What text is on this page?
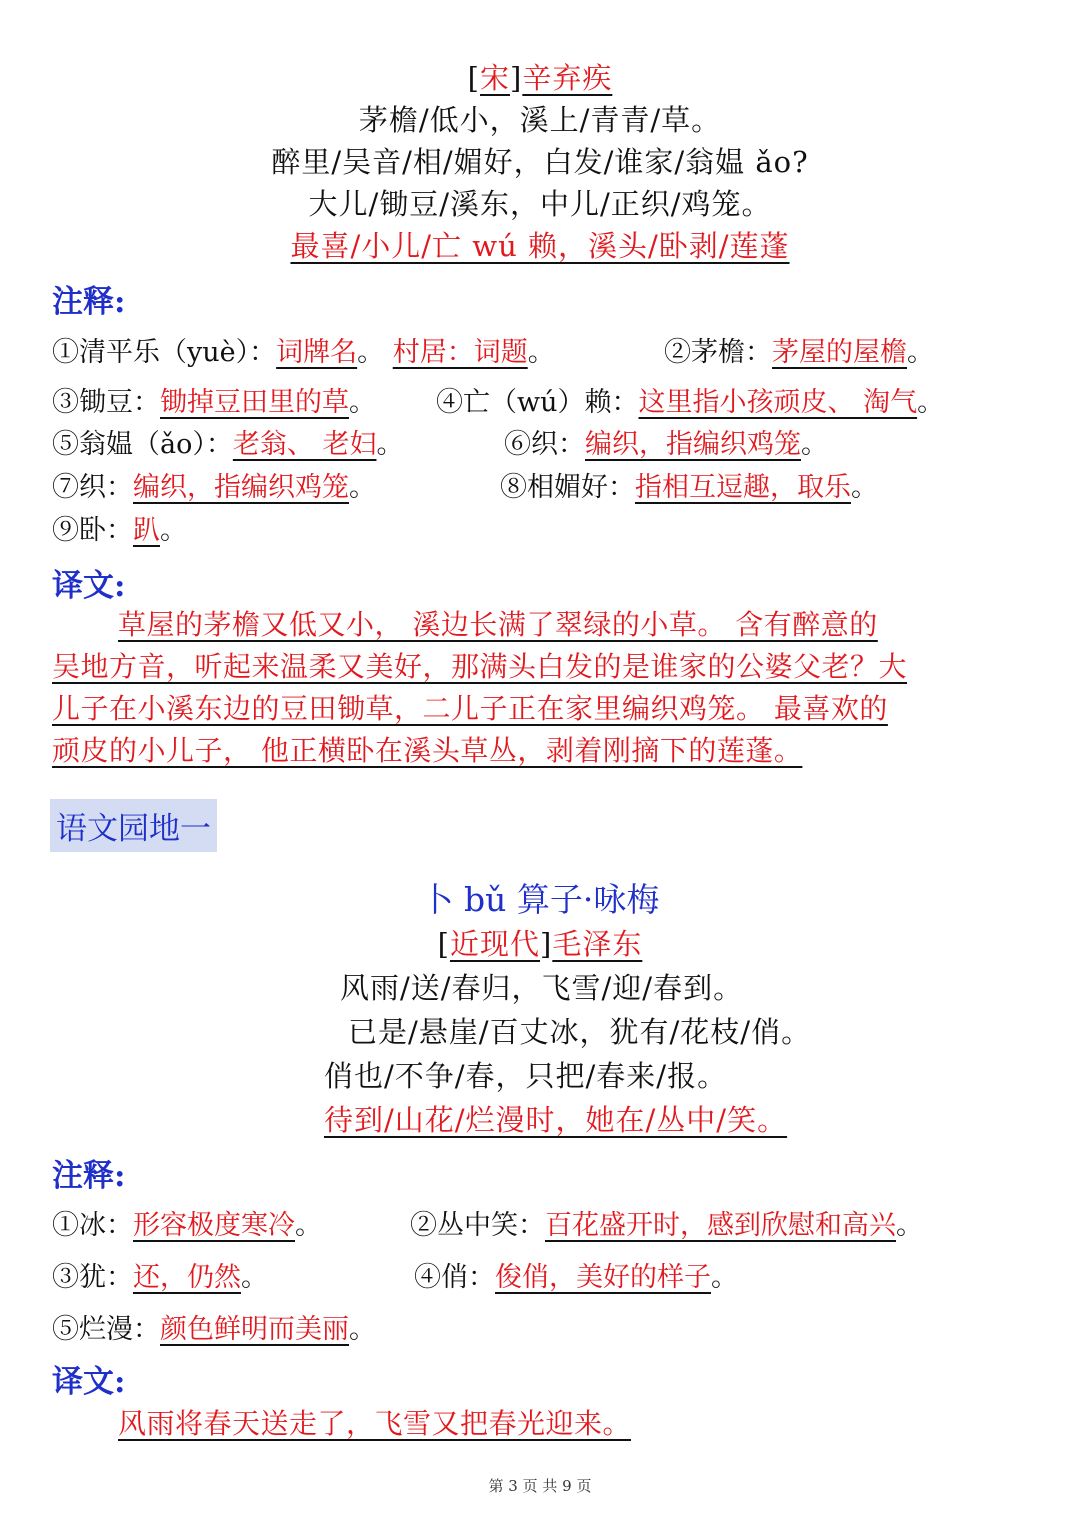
[宋]辛弃疾
茅檐/低小，溪上/青青/草。
醉里/吴音/相/媚好，白发/谁家/翁媪 ǎo?
大儿/锄豆/溪东，中儿/正织/鸡笼。
最喜/小儿/亡 wú 赖，溪头/卧剥/莲蓬
注释:
①清平乐（yuè）：词牌名。 村居：词题。	②茅檐：茅屋的屋檐。
③锄豆：锄掉豆田里的草。 ④亡（wú）赖：这里指小孩顽皮、 淘气。
⑤翁媪（ǎo）：老翁、 老妇。	⑥织：编织，指编织鸡笼。
⑦织：编织，指编织鸡笼。	⑧相媚好：指相互逗趣，取乐。
⑨卧：趴。
译文:
草屋的茅檐又低又小， 溪边长满了翠绿的小草。 含有醉意的
吴地方音，听起来温柔又美好，那满头白发的是谁家的公婆父老？大
儿子在小溪东边的豆田锄草，二儿子正在家里编织鸡笼。 最喜欢的
顽皮的小儿子， 他正横卧在溪头草丛，剥着刚摘下的莲蓬。
语文园地一
卜 bǔ 算子·咏梅
[近现代]毛泽东
风雨/送/春归，飞雪/迎/春到。
已是/悬崖/百丈冰，犹有/花枝/俏。
俏也/不争/春，只把/春来/报。
待到/山花/烂漫时，她在/丛中/笑。
注释:
①冰：形容极度寒冷。	②丛中笑：百花盛开时，感到欣慰和高兴。
③犹：还，仍然。	④俏：俊俏，美好的样子。
⑤烂漫：颜色鲜明而美丽。
译文:
风雨将春天送走了，飞雪又把春光迎来。
第 3 页 共 9 页
